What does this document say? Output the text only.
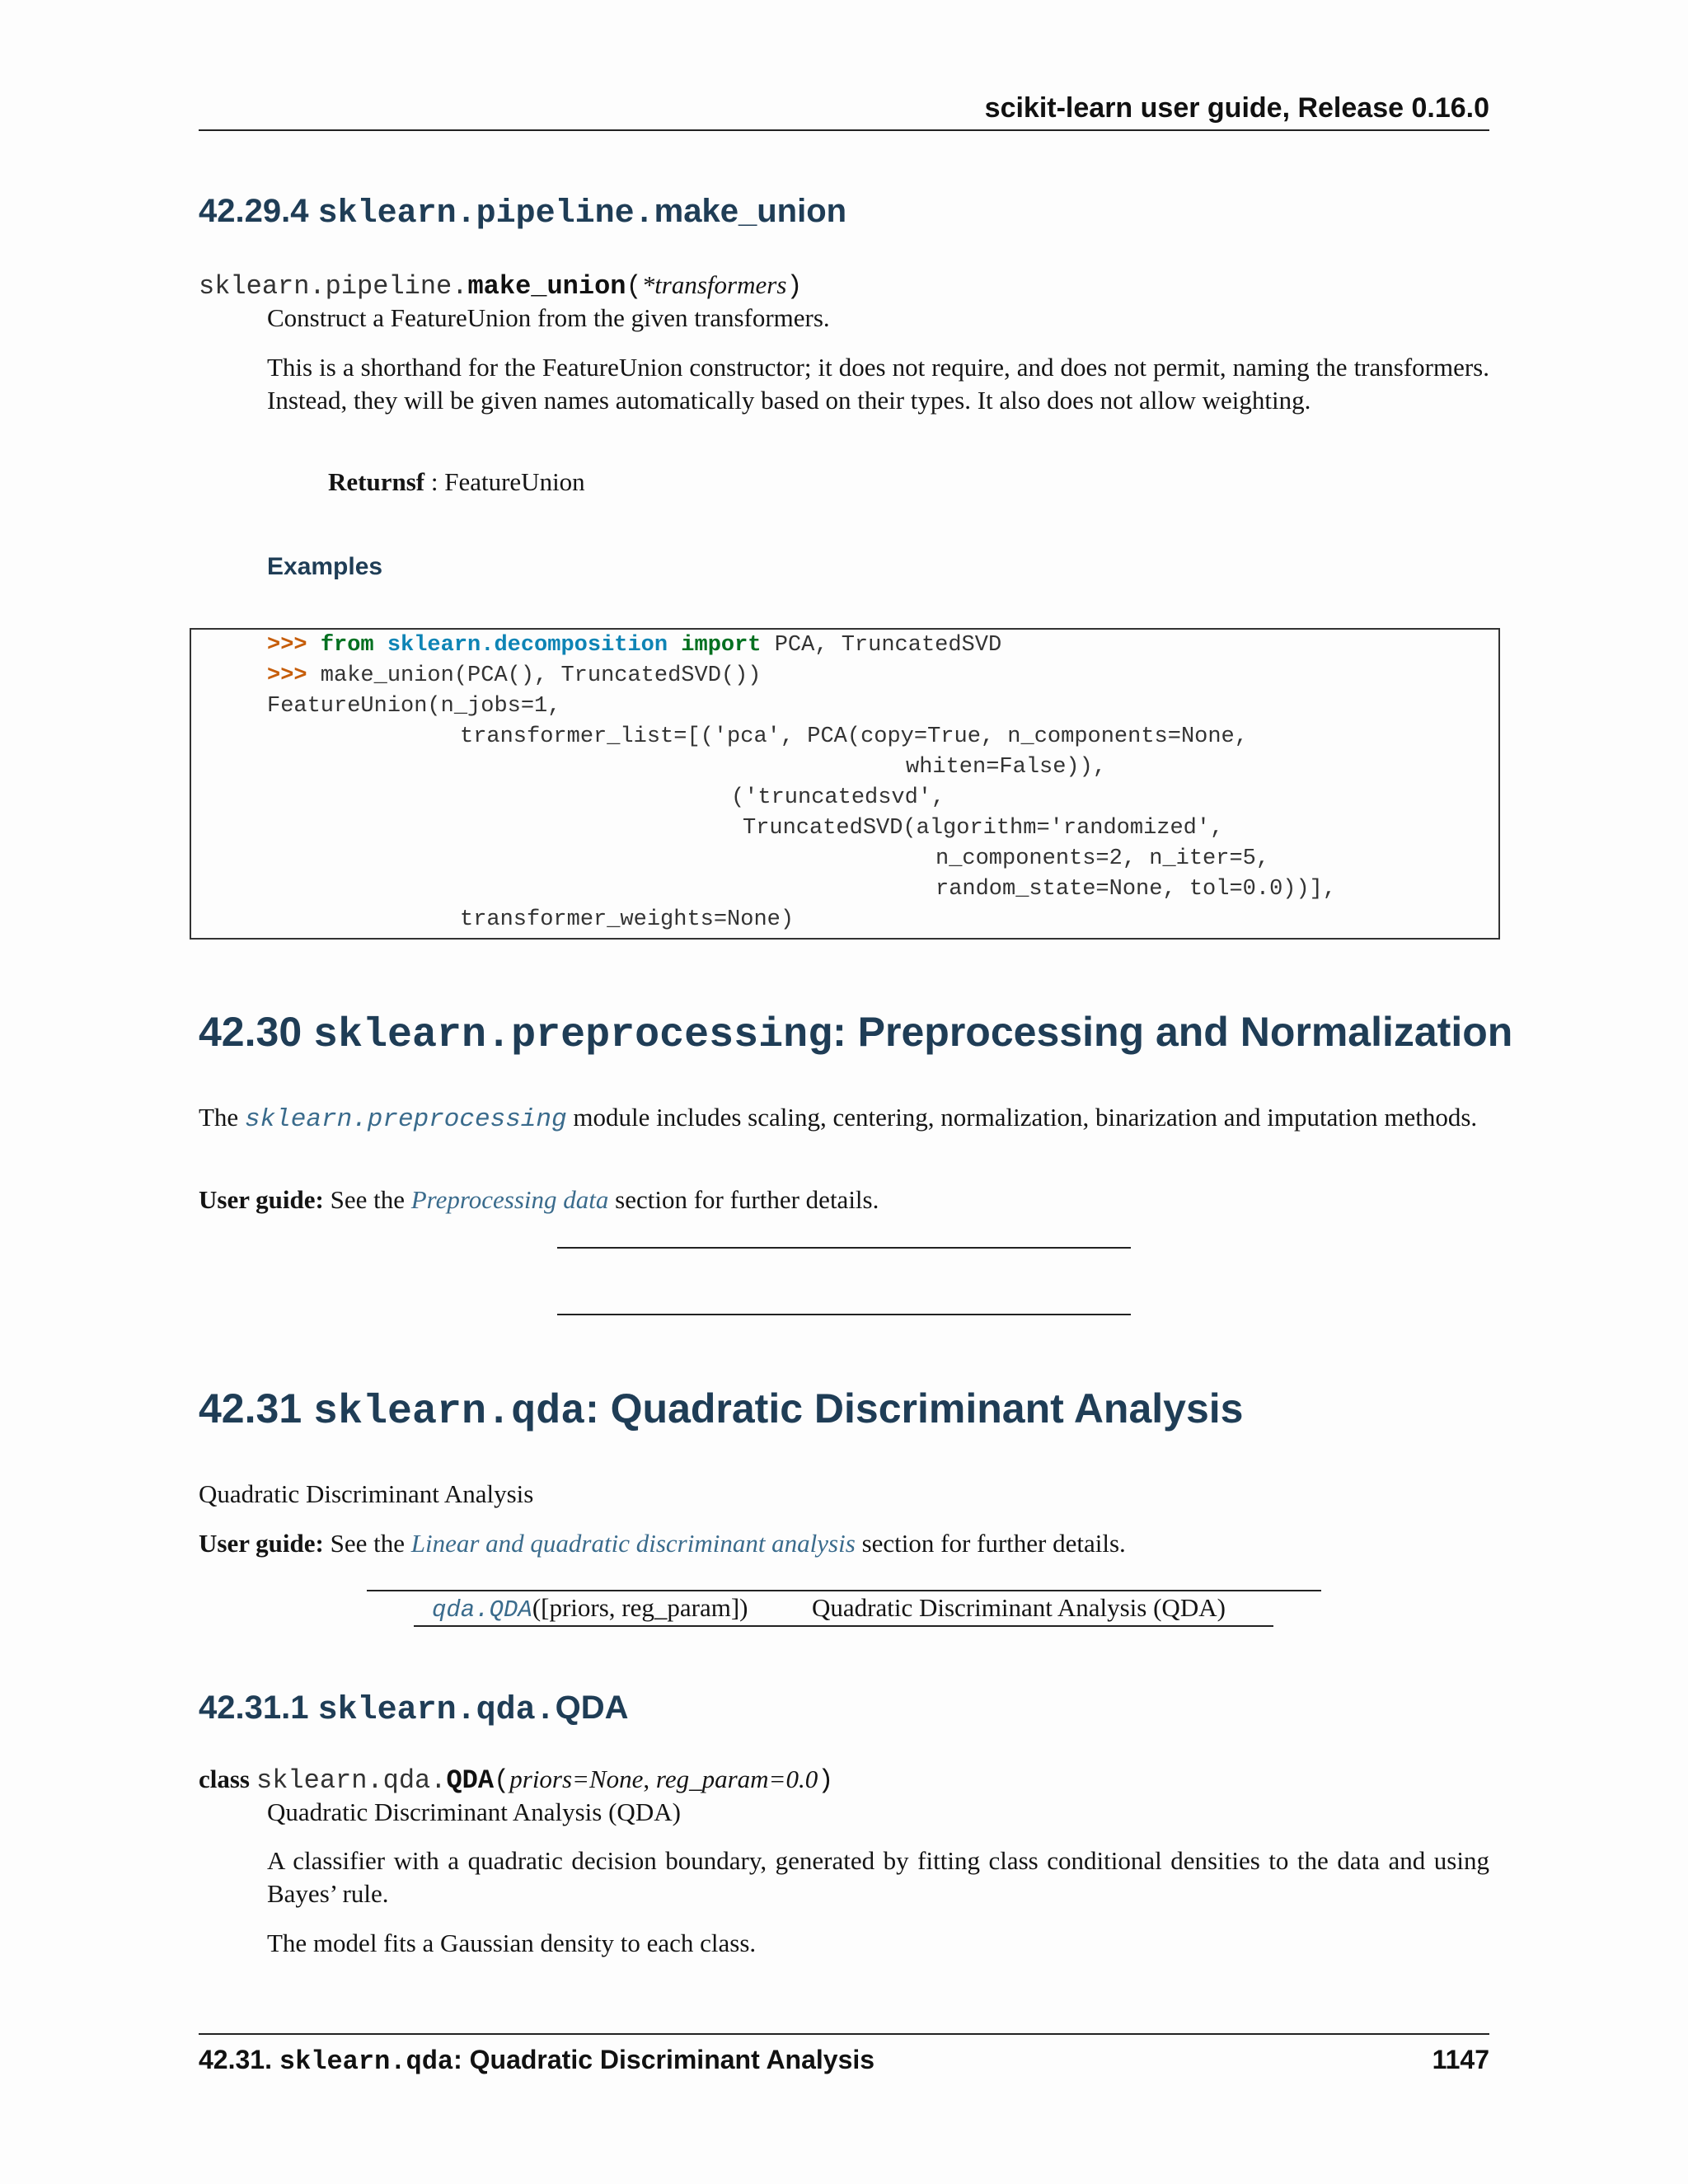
scikit-learn user guide, Release 0.16.0
42.29.4 sklearn.pipeline.make_union
sklearn.pipeline.make_union(*transformers)
Construct a FeatureUnion from the given transformers.
This is a shorthand for the FeatureUnion constructor; it does not require, and does not permit, naming the transformers. Instead, they will be given names automatically based on their types. It also does not allow weighting.
Returnsf : FeatureUnion
Examples
>>> from sklearn.decomposition import PCA, TruncatedSVD
>>> make_union(PCA(), TruncatedSVD())
FeatureUnion(n_jobs=1,
transformer_list=[('pca', PCA(copy=True, n_components=None,
whiten=False)),
('truncatedsvd',
TruncatedSVD(algorithm='randomized',
n_components=2, n_iter=5,
random_state=None, tol=0.0))],
transformer_weights=None)
42.30 sklearn.preprocessing: Preprocessing and Normalization
The sklearn.preprocessing module includes scaling, centering, normalization, binarization and imputation methods.
User guide: See the Preprocessing data section for further details.
42.31 sklearn.qda: Quadratic Discriminant Analysis
Quadratic Discriminant Analysis
User guide: See the Linear and quadratic discriminant analysis section for further details.
qda.QDA([priors, reg_param])	Quadratic Discriminant Analysis (QDA)
42.31.1 sklearn.qda.QDA
class sklearn.qda.QDA(priors=None, reg_param=0.0)
Quadratic Discriminant Analysis (QDA)
A classifier with a quadratic decision boundary, generated by fitting class conditional densities to the data and using Bayes’ rule.
The model fits a Gaussian density to each class.
42.31. sklearn.qda: Quadratic Discriminant Analysis	1147
